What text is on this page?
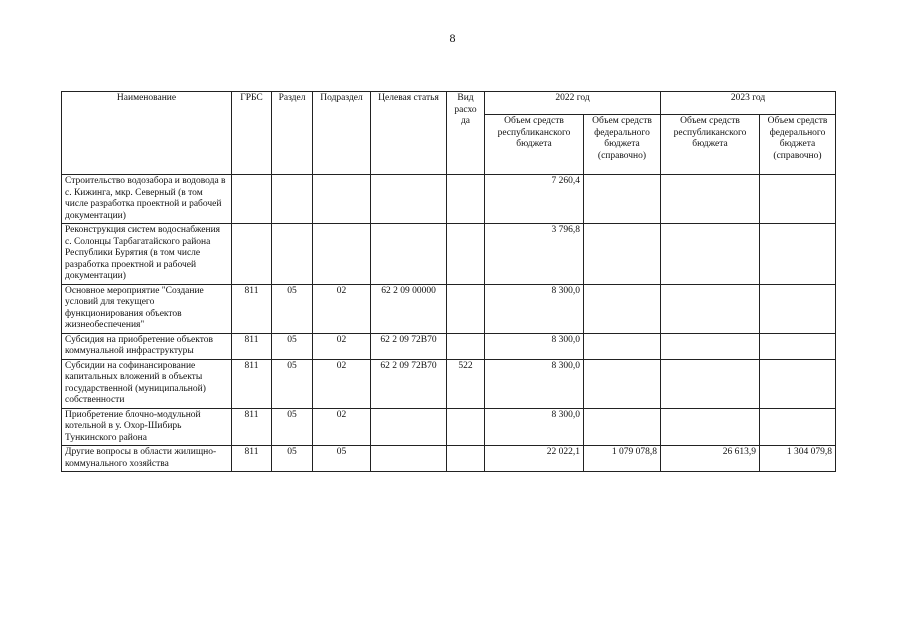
8
Наименование	ГРБС	Раздел	Подраздел	Целевая статья	Вид расхо да	2022 год		2023 год	
						Объем средств республиканского бюджета	Объем средств федерального бюджета (справочно)	Объем средств республиканского бюджета	Объем средств федерального бюджета (справочно)
Строительство водозабора и водовода в с. Кижинга, мкр. Северный (в том числе разработка проектной и рабочей документации)						7 260,4			
Реконструкция систем водоснабжения с. Солонцы Тарбагатайского района Республики Бурятия (в том числе разработка проектной и рабочей документации)						3 796,8			
Основное мероприятие "Создание условий для текущего функционирования объектов жизнеобеспечения"	811	05	02	62 2 09 00000		8 300,0			
Субсидия на приобретение объектов коммунальной инфраструктуры	811	05	02	62 2 09 72В70		8 300,0			
Субсидии на софинансирование капитальных вложений в объекты государственной (муниципальной) собственности	811	05	02	62 2 09 72В70	522	8 300,0			
Приобретение блочно-модульной котельной в у. Охор-Шибирь Тункинского района	811	05	02			8 300,0			
Другие вопросы в области жилищно-коммунального хозяйства	811	05	05			22 022,1	1 079 078,8	26 613,9	1 304 079,8
